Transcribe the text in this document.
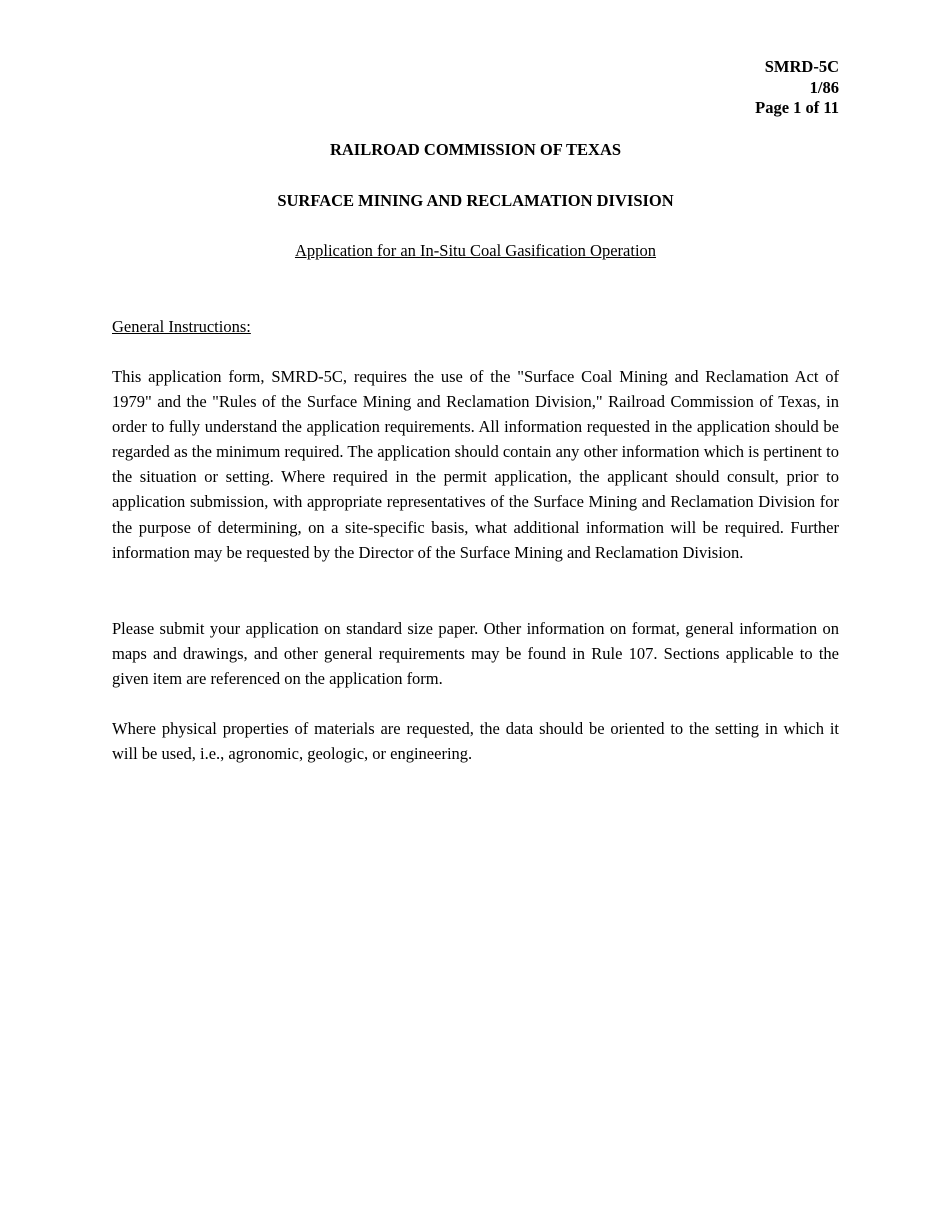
SMRD-5C
1/86
Page 1 of 11
RAILROAD COMMISSION OF TEXAS
SURFACE MINING AND RECLAMATION DIVISION
Application for an In-Situ Coal Gasification Operation
General Instructions:

This application form, SMRD-5C, requires the use of the "Surface Coal Mining and Reclamation Act of 1979" and the "Rules of the Surface Mining and Reclamation Division," Railroad Commission of Texas, in order to fully understand the application requirements. All information requested in the application should be regarded as the minimum required. The application should contain any other information which is pertinent to the situation or setting. Where required in the permit application, the applicant should consult, prior to application submission, with appropriate representatives of the Surface Mining and Reclamation Division for the purpose of determining, on a site-specific basis, what additional information will be required. Further information may be requested by the Director of the Surface Mining and Reclamation Division.

Please submit your application on standard size paper. Other information on format, general information on maps and drawings, and other general requirements may be found in Rule 107. Sections applicable to the given item are referenced on the application form.

Where physical properties of materials are requested, the data should be oriented to the setting in which it will be used, i.e., agronomic, geologic, or engineering.
